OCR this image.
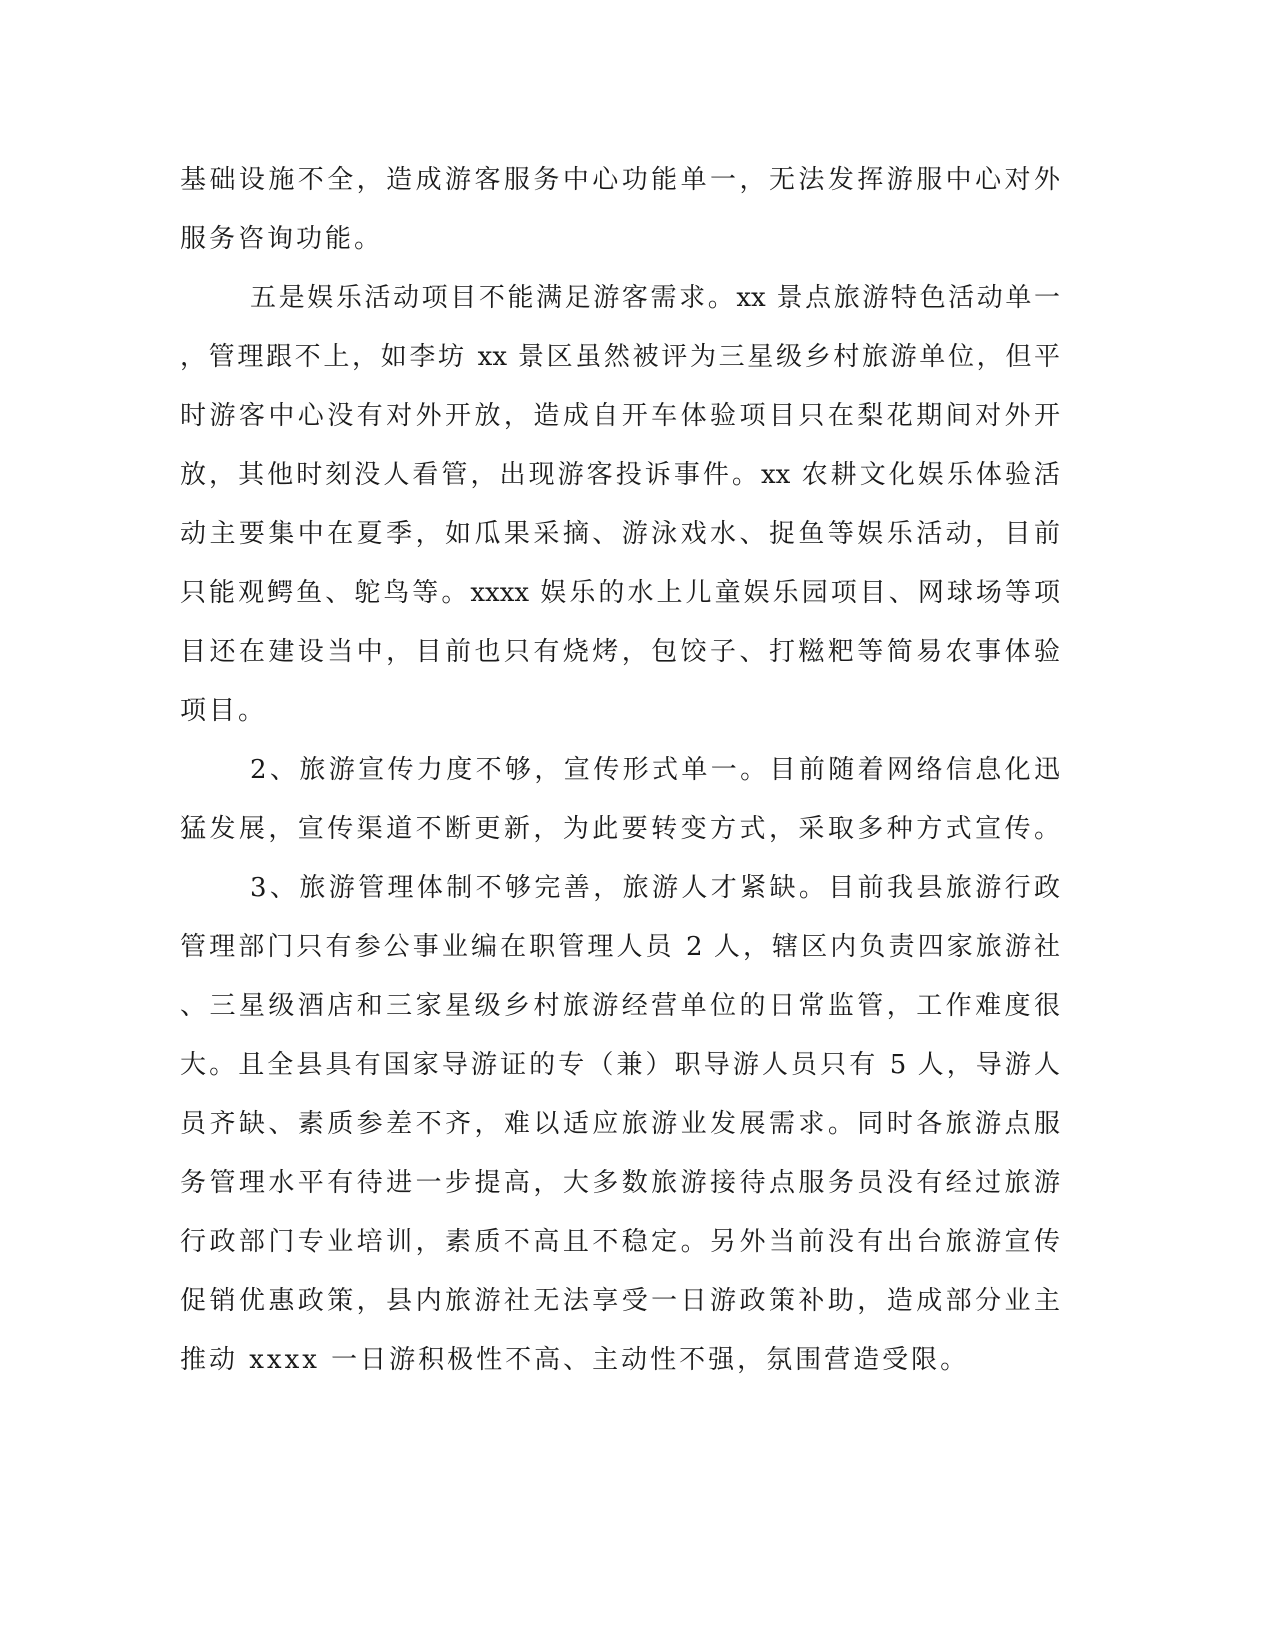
基础设施不全，造成游客服务中心功能单一，无法发挥游服中心对外
服务咨询功能。
五是娱乐活动项目不能满足游客需求。xx 景点旅游特色活动单一
，管理跟不上，如李坊 xx 景区虽然被评为三星级乡村旅游单位，但平
时游客中心没有对外开放，造成自开车体验项目只在梨花期间对外开
放，其他时刻没人看管，出现游客投诉事件。xx 农耕文化娱乐体验活
动主要集中在夏季，如瓜果采摘、游泳戏水、捉鱼等娱乐活动，目前
只能观鳄鱼、鸵鸟等。xxxx 娱乐的水上儿童娱乐园项目、网球场等项
目还在建设当中，目前也只有烧烤，包饺子、打糍粑等简易农事体验
项目。
2、旅游宣传力度不够，宣传形式单一。目前随着网络信息化迅
猛发展，宣传渠道不断更新，为此要转变方式，采取多种方式宣传。
3、旅游管理体制不够完善，旅游人才紧缺。目前我县旅游行政
管理部门只有参公事业编在职管理人员 2 人，辖区内负责四家旅游社
、三星级酒店和三家星级乡村旅游经营单位的日常监管，工作难度很
大。且全县具有国家导游证的专（兼）职导游人员只有 5 人，导游人
员齐缺、素质参差不齐，难以适应旅游业发展需求。同时各旅游点服
务管理水平有待进一步提高，大多数旅游接待点服务员没有经过旅游
行政部门专业培训，素质不高且不稳定。另外当前没有出台旅游宣传
促销优惠政策，县内旅游社无法享受一日游政策补助，造成部分业主
推动 xxxx 一日游积极性不高、主动性不强，氛围营造受限。
